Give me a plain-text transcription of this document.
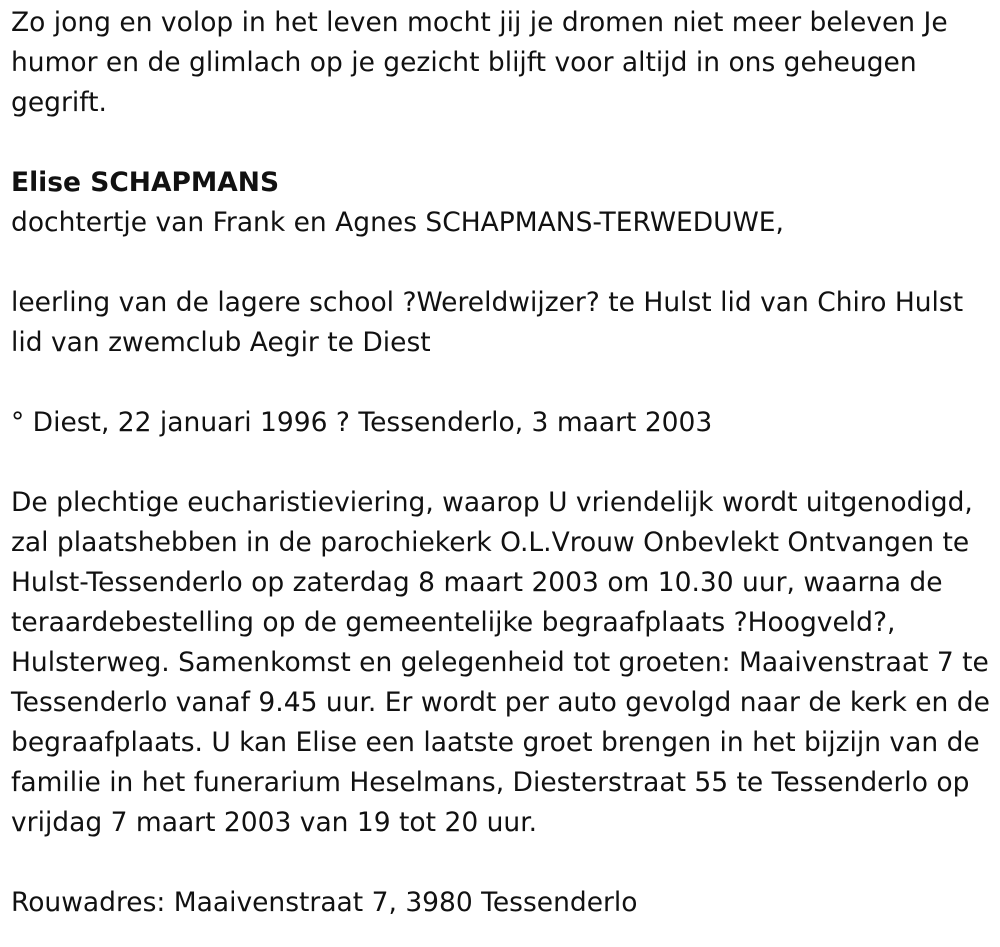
Zo jong en volop in het leven mocht jij je dromen niet meer beleven Je humor en de glimlach op je gezicht blijft voor altijd in ons geheugen gegrift.

Elise SCHAPMANS

dochtertje van Frank en Agnes SCHAPMANS-TERWEDUWE,

leerling van de lagere school ?Wereldwijzer? te Hulst lid van Chiro Hulst lid van zwemclub Aegir te Diest

° Diest, 22 januari 1996 ? Tessenderlo, 3 maart 2003

De plechtige eucharistieviering, waarop U vriendelijk wordt uitgenodigd, zal plaatshebben in de parochiekerk O.L.Vrouw Onbevlekt Ontvangen te Hulst-Tessenderlo op zaterdag 8 maart 2003 om 10.30 uur, waarna de teraardebestelling op de gemeentelijke begraafplaats ?Hoogveld?, Hulsterweg. Samenkomst en gelegenheid tot groeten: Maaivenstraat 7 te Tessenderlo vanaf 9.45 uur. Er wordt per auto gevolgd naar de kerk en de begraafplaats. U kan Elise een laatste groet brengen in het bijzijn van de familie in het funerarium Heselmans, Diesterstraat 55 te Tessenderlo op vrijdag 7 maart 2003 van 19 tot 20 uur.

Rouwadres: Maaivenstraat 7, 3980 Tessenderlo
